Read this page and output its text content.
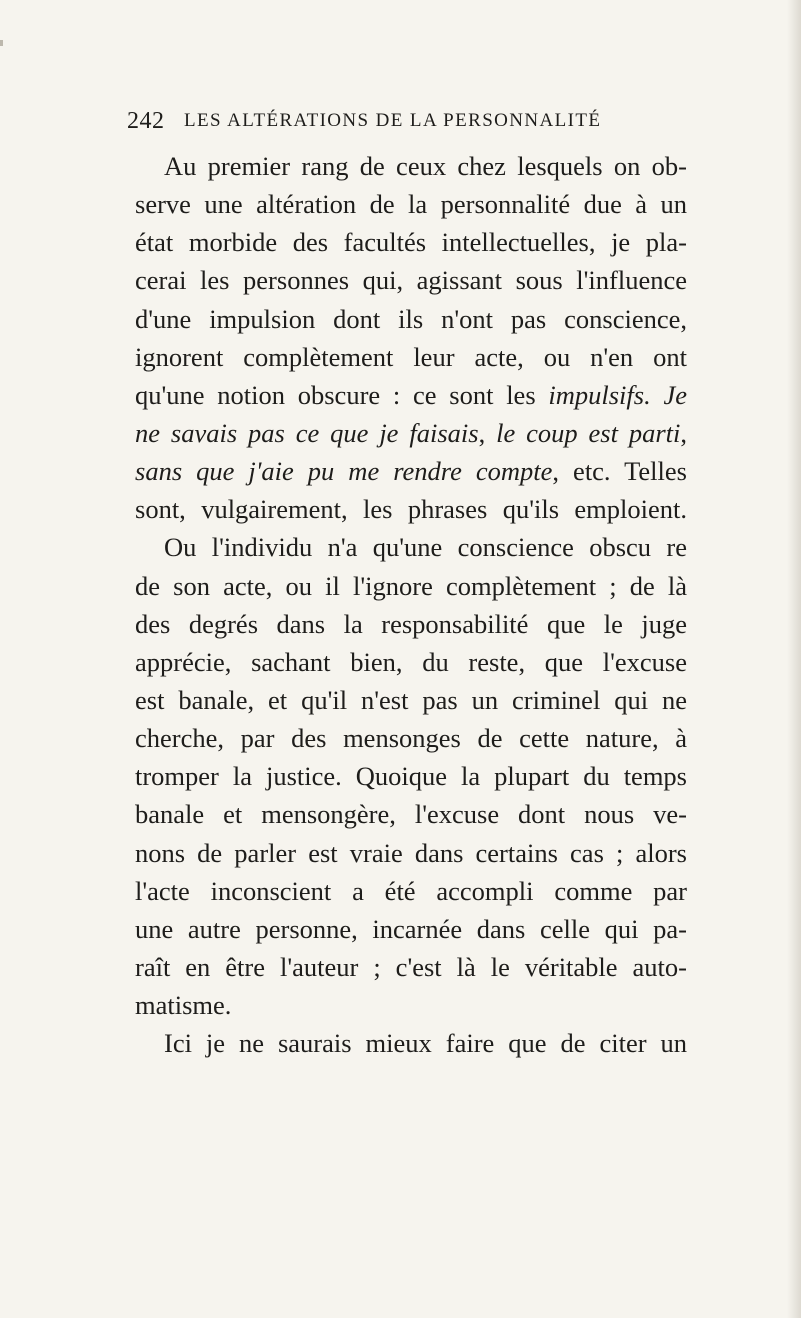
242 LES ALTÉRATIONS DE LA PERSONNALITÉ
Au premier rang de ceux chez lesquels on ob-
serve une altération de la personnalité due à un
état morbide des facultés intellectuelles, je pla-
cerai les personnes qui, agissant sous l'influence
d'une impulsion dont ils n'ont pas conscience,
ignorent complètement leur acte, ou n'en ont
qu'une notion obscure : ce sont les impulsifs. Je
ne savais pas ce que je faisais, le coup est parti,
sans que j'aie pu me rendre compte, etc. Telles
sont, vulgairement, les phrases qu'ils emploient.
Ou l'individu n'a qu'une conscience obscu re
de son acte, ou il l'ignore complètement ; de là
des degrés dans la responsabilité que le juge
apprécie, sachant bien, du reste, que l'excuse
est banale, et qu'il n'est pas un criminel qui ne
cherche, par des mensonges de cette nature, à
tromper la justice. Quoique la plupart du temps
banale et mensongère, l'excuse dont nous ve-
nons de parler est vraie dans certains cas ; alors
l'acte inconscient a été accompli comme par
une autre personne, incarnée dans celle qui pa-
raît en être l'auteur ; c'est là le véritable auto-
matisme.
Ici je ne saurais mieux faire que de citer un
